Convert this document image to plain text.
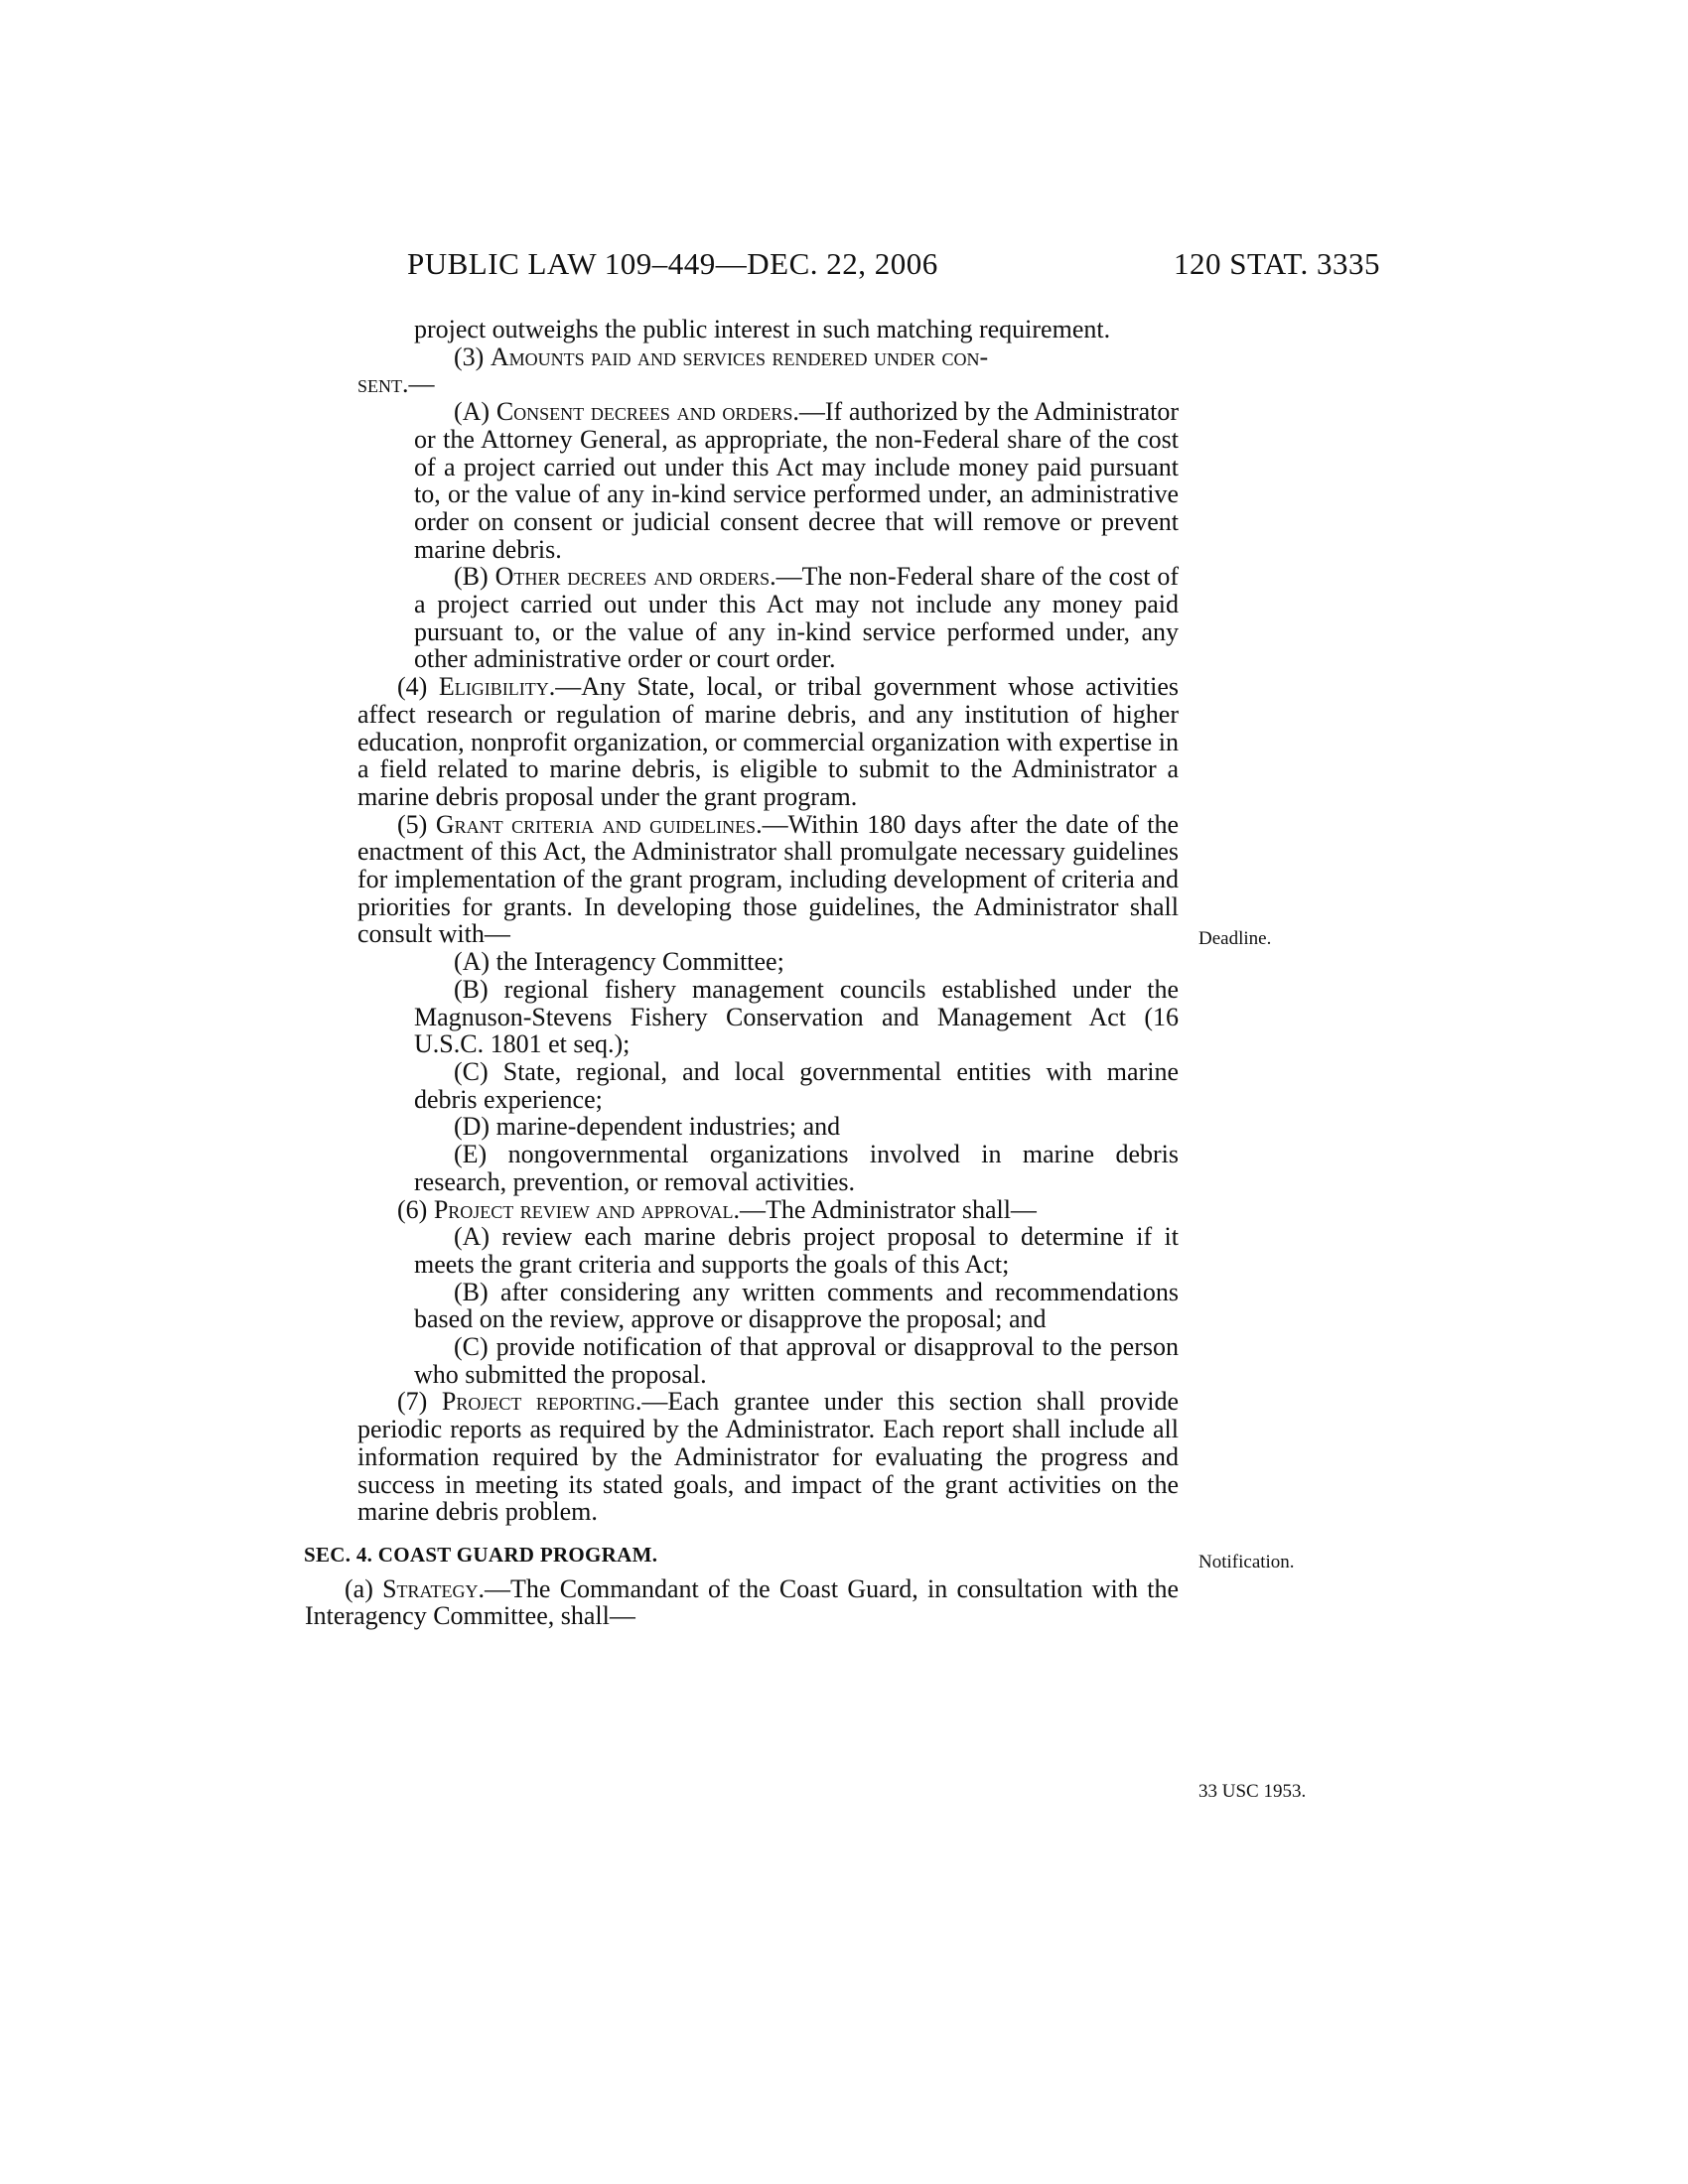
PUBLIC LAW 109–449—DEC. 22, 2006	120 STAT. 3335

project outweighs the public interest in such matching requirement.

(3) Amounts paid and services rendered under con-

sent.—

(A) Consent decrees and orders.—If authorized by the Administrator or the Attorney General, as appropriate, the non-Federal share of the cost of a project carried out under this Act may include money paid pursuant to, or the value of any in-kind service performed under, an administrative order on consent or judicial consent decree that will remove or prevent marine debris.

(B) Other decrees and orders.—The non-Federal share of the cost of a project carried out under this Act may not include any money paid pursuant to, or the value of any in-kind service performed under, any other administrative order or court order.

(4) Eligibility.—Any State, local, or tribal government whose activities affect research or regulation of marine debris, and any institution of higher education, nonprofit organization, or commercial organization with expertise in a field related to marine debris, is eligible to submit to the Administrator a marine debris proposal under the grant program.

(5) Grant criteria and guidelines.—Within 180 days after the date of the enactment of this Act, the Administrator shall promulgate necessary guidelines for implementation of the grant program, including development of criteria and priorities for grants. In developing those guidelines, the Administrator shall consult with—

(A) the Interagency Committee;

(B) regional fishery management councils established under the Magnuson-Stevens Fishery Conservation and Management Act (16 U.S.C. 1801 et seq.);

(C) State, regional, and local governmental entities with marine debris experience;

(D) marine-dependent industries; and

(E) nongovernmental organizations involved in marine debris research, prevention, or removal activities.

(6) Project review and approval.—The Administrator shall—

(A) review each marine debris project proposal to determine if it meets the grant criteria and supports the goals of this Act;

(B) after considering any written comments and recommendations based on the review, approve or disapprove the proposal; and

(C) provide notification of that approval or disapproval to the person who submitted the proposal.

(7) Project reporting.—Each grantee under this section shall provide periodic reports as required by the Administrator. Each report shall include all information required by the Administrator for evaluating the progress and success in meeting its stated goals, and impact of the grant activities on the marine debris problem.

SEC. 4. COAST GUARD PROGRAM.

(a) Strategy.—The Commandant of the Coast Guard, in consultation with the Interagency Committee, shall—

Deadline.
Notification.
33 USC 1953.
